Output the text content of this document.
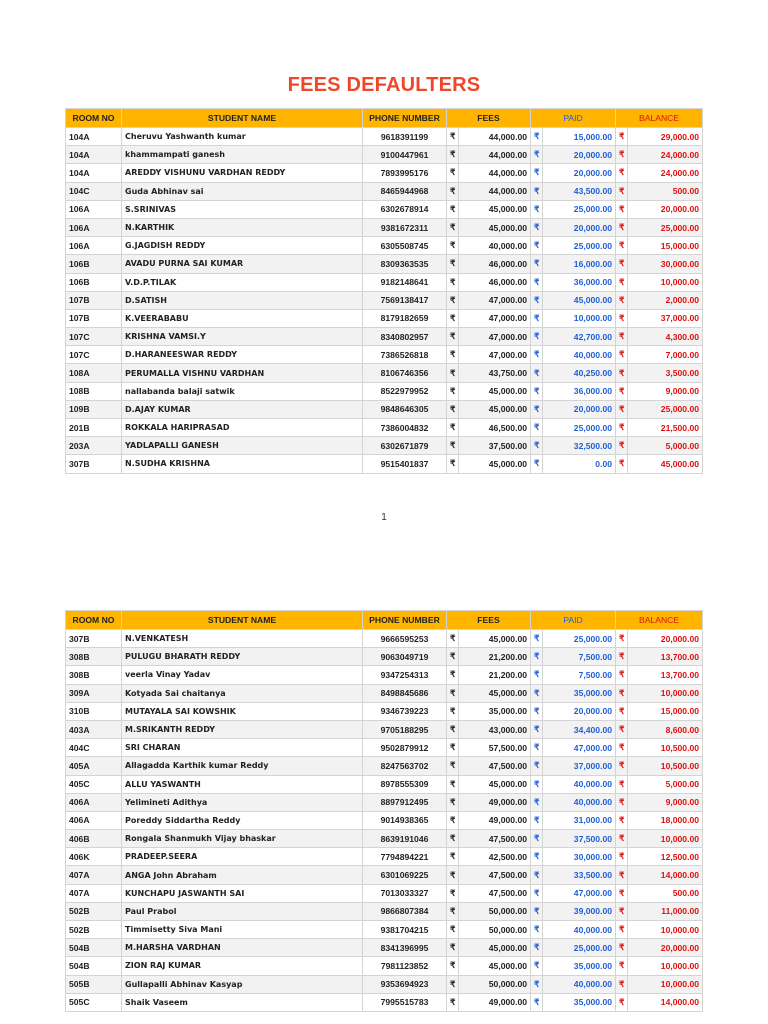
FEES DEFAULTERS
ROOM NO	STUDENT NAME	PHONE NUMBER	FEES		PAID		BALANCE	
104A	Cheruvu Yashwanth kumar	9618391199	₹	44,000.00	₹	15,000.00	₹	29,000.00
104A	khammampati ganesh	9100447961	₹	44,000.00	₹	20,000.00	₹	24,000.00
104A	AREDDY VISHUNU VARDHAN REDDY	7893995176	₹	44,000.00	₹	20,000.00	₹	24,000.00
104C	Guda Abhinav sai	8465944968	₹	44,000.00	₹	43,500.00	₹	500.00
106A	S.SRINIVAS	6302678914	₹	45,000.00	₹	25,000.00	₹	20,000.00
106A	N.KARTHIK	9381672311	₹	45,000.00	₹	20,000.00	₹	25,000.00
106A	G.JAGDISH REDDY	6305508745	₹	40,000.00	₹	25,000.00	₹	15,000.00
106B	AVADU PURNA SAI KUMAR	8309363535	₹	46,000.00	₹	16,000.00	₹	30,000.00
106B	V.D.P.TILAK	9182148641	₹	46,000.00	₹	36,000.00	₹	10,000.00
107B	D.SATISH	7569138417	₹	47,000.00	₹	45,000.00	₹	2,000.00
107B	K.VEERABABU	8179182659	₹	47,000.00	₹	10,000.00	₹	37,000.00
107C	KRISHNA VAMSI.Y	8340802957	₹	47,000.00	₹	42,700.00	₹	4,300.00
107C	D.HARANEESWAR REDDY	7386526818	₹	47,000.00	₹	40,000.00	₹	7,000.00
108A	PERUMALLA VISHNU VARDHAN	8106746356	₹	43,750.00	₹	40,250.00	₹	3,500.00
108B	nallabanda balaji satwik	8522979952	₹	45,000.00	₹	36,000.00	₹	9,000.00
109B	D.AJAY KUMAR	9848646305	₹	45,000.00	₹	20,000.00	₹	25,000.00
201B	ROKKALA HARIPRASAD	7386004832	₹	46,500.00	₹	25,000.00	₹	21,500.00
203A	YADLAPALLI GANESH	6302671879	₹	37,500.00	₹	32,500.00	₹	5,000.00
307B	N.SUDHA KRISHNA	9515401837	₹	45,000.00	₹	0.00	₹	45,000.00
1
ROOM NO	STUDENT NAME	PHONE NUMBER	FEES		PAID		BALANCE	
307B	N.VENKATESH	9666595253	₹	45,000.00	₹	25,000.00	₹	20,000.00
308B	PULUGU BHARATH REDDY	9063049719	₹	21,200.00	₹	7,500.00	₹	13,700.00
308B	veerla Vinay Yadav	9347254313	₹	21,200.00	₹	7,500.00	₹	13,700.00
309A	Kotyada Sai chaitanya	8498845686	₹	45,000.00	₹	35,000.00	₹	10,000.00
310B	MUTAYALA SAI KOWSHIK	9346739223	₹	35,000.00	₹	20,000.00	₹	15,000.00
403A	M.SRIKANTH REDDY	9705188295	₹	43,000.00	₹	34,400.00	₹	8,600.00
404C	SRI CHARAN	9502879912	₹	57,500.00	₹	47,000.00	₹	10,500.00
405A	Allagadda Karthik kumar Reddy	8247563702	₹	47,500.00	₹	37,000.00	₹	10,500.00
405C	ALLU YASWANTH	8978555309	₹	45,000.00	₹	40,000.00	₹	5,000.00
406A	Yelimineti Adithya	8897912495	₹	49,000.00	₹	40,000.00	₹	9,000.00
406A	Poreddy Siddartha Reddy	9014938365	₹	49,000.00	₹	31,000.00	₹	18,000.00
406B	Rongala Shanmukh Vijay bhaskar	8639191046	₹	47,500.00	₹	37,500.00	₹	10,000.00
406K	PRADEEP.SEERA	7794894221	₹	42,500.00	₹	30,000.00	₹	12,500.00
407A	ANGA John Abraham	6301069225	₹	47,500.00	₹	33,500.00	₹	14,000.00
407A	KUNCHAPU JASWANTH SAI	7013033327	₹	47,500.00	₹	47,000.00	₹	500.00
502B	Paul Prabol	9866807384	₹	50,000.00	₹	39,000.00	₹	11,000.00
502B	Timmisetty Siva Mani	9381704215	₹	50,000.00	₹	40,000.00	₹	10,000.00
504B	M.HARSHA VARDHAN	8341396995	₹	45,000.00	₹	25,000.00	₹	20,000.00
504B	ZION RAJ KUMAR	7981123852	₹	45,000.00	₹	35,000.00	₹	10,000.00
505B	Gullapalli Abhinav Kasyap	9353694923	₹	50,000.00	₹	40,000.00	₹	10,000.00
505C	Shaik Vaseem	7995515783	₹	49,000.00	₹	35,000.00	₹	14,000.00
